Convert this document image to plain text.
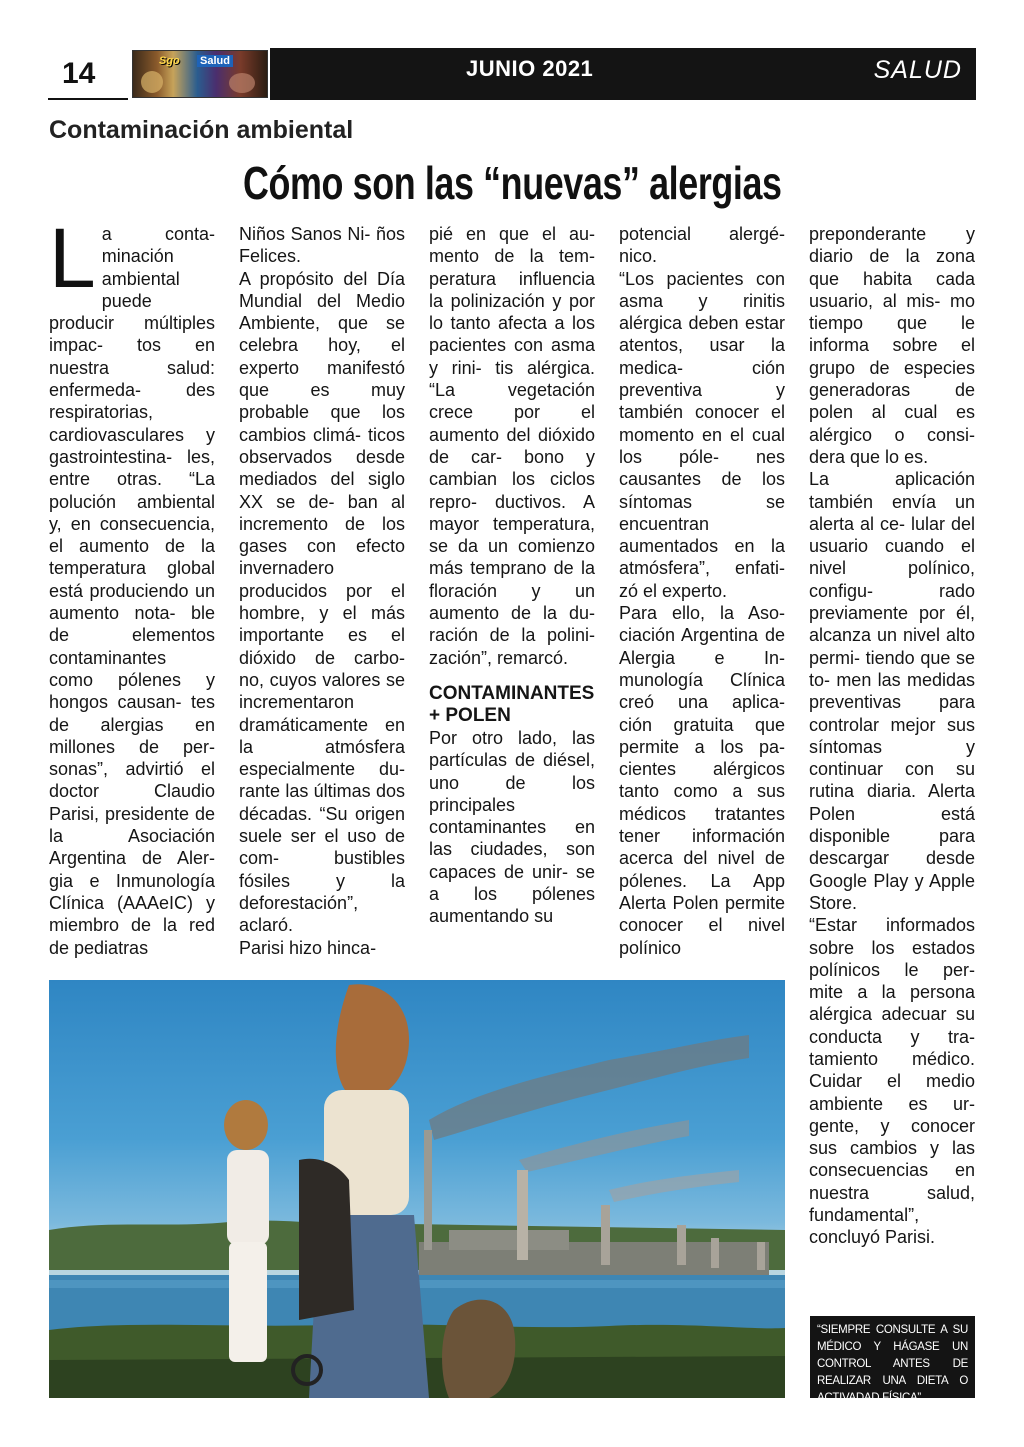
14	Sgo Salud	JUNIO 2021	SALUD
Contaminación ambiental
Cómo son las “nuevas” alergias
L a conta- minación ambiental puede producir múltiples impac- tos en nuestra salud: enfermeda- des respiratorias, cardiovasculares y gastrointestina- les, entre otras. “La polución ambiental y, en consecuencia, el aumento de la temperatura global está produciendo un aumento nota- ble de elementos contaminantes como pólenes y hongos causan- tes de alergias en millones de per- sonas”, advirtió el doctor Claudio Parisi, presidente de la Asociación Argentina de Aler- gia e Inmunología Clínica (AAAeIC) y miembro de la red de pediatras

Niños Sanos Ni- ños Felices.

A propósito del Día Mundial del Medio Ambiente, que se celebra hoy, el experto manifestó que es muy probable que los cambios climá- ticos observados desde mediados del siglo XX se de- ban al incremento de los gases con efecto invernadero producidos por el hombre, y el más importante es el dióxido de carbo- no, cuyos valores se incrementaron dramáticamente en la atmósfera especialmente du- rante las últimas dos décadas. “Su origen suele ser el uso de com- bustibles fósiles y la deforestación”, aclaró.

Parisi hizo hinca-

pié en que el au- mento de la tem- peratura influencia la polinización y por lo tanto afecta a los pacientes con asma y rini- tis alérgica. “La vegetación crece por el aumento del dióxido de car- bono y cambian los ciclos repro- ductivos. A mayor temperatura, se da un comienzo más temprano de la floración y un aumento de la du- ración de la polini- zación”, remarcó.

CONTAMINANTES + POLEN

Por otro lado, las partículas de diésel, uno de los principales contaminantes en las ciudades, son capaces de unir- se a los pólenes aumentando su

potencial alergé- nico.

“Los pacientes con asma y rinitis alérgica deben estar atentos, usar la medica- ción preventiva y también conocer el momento en el cual los póle- nes causantes de los síntomas se encuentran aumentados en la atmósfera”, enfati- zó el experto.

Para ello, la Aso- ciación Argentina de Alergia e In- munología Clínica creó una aplica- ción gratuita que permite a los pa- cientes alérgicos tanto como a sus médicos tratantes tener información acerca del nivel de pólenes. La App Alerta Polen permite conocer el nivel polínico

preponderante y diario de la zona que habita cada usuario, al mis- mo tiempo que le informa sobre el grupo de especies generadoras de polen al cual es alérgico o consi- dera que lo es.

La aplicación también envía un alerta al ce- lular del usuario cuando el nivel polínico, configu- rado previamente por él, alcanza un nivel alto permi- tiendo que se to- men las medidas preventivas para controlar mejor sus síntomas y continuar con su rutina diaria. Alerta Polen está disponible para descargar desde Google Play y Apple Store.

“Estar informados sobre los estados polínicos le per- mite a la persona alérgica adecuar su conducta y tra- tamiento médico. Cuidar el medio ambiente es ur- gente, y conocer sus cambios y las consecuencias en nuestra salud, fundamental”, concluyó Parisi.

“SIEMPRE CONSULTE A SU MÉDICO Y HÁGASE UN CONTROL ANTES DE REALIZAR UNA DIETA O ACTIVADAD FÍSICA”
